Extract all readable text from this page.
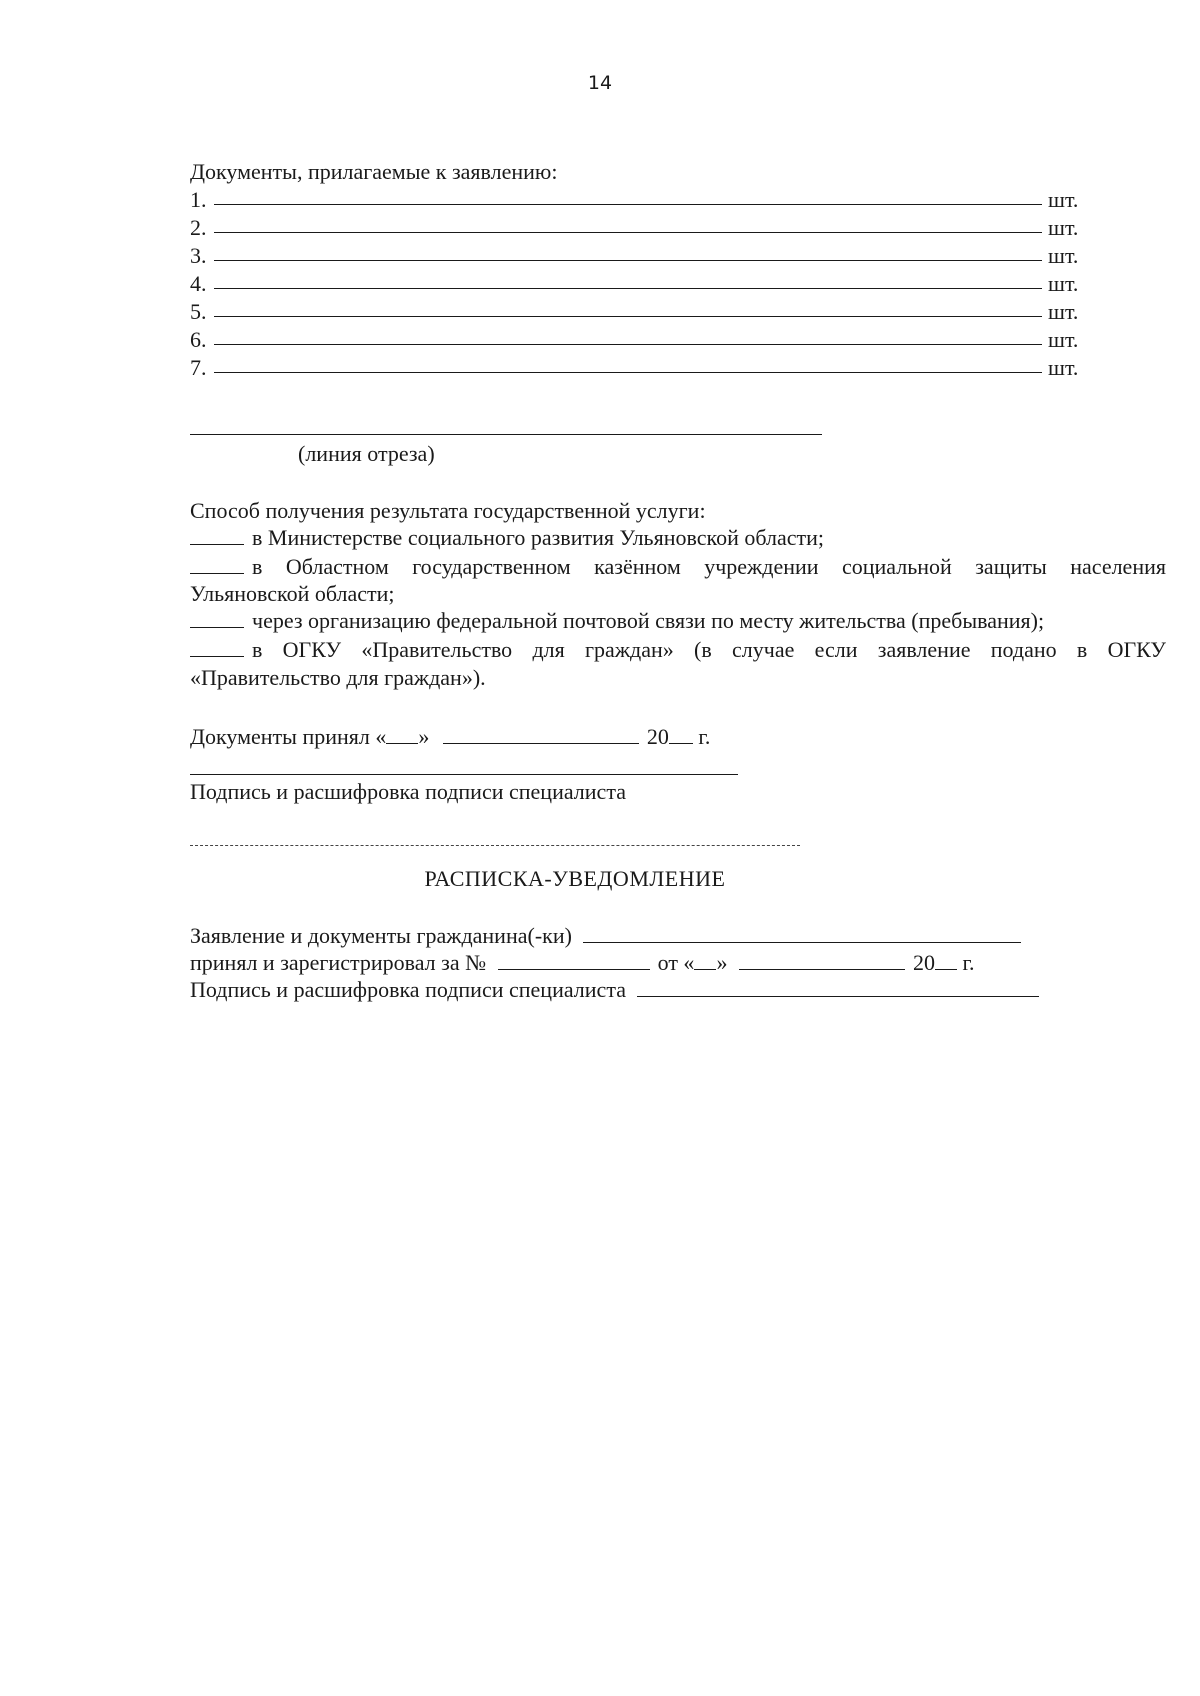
14
Документы, прилагаемые к заявлению:
1.	шт.
2.	шт.
3.	шт.
4.	шт.
5.	шт.
6.	шт.
7.	шт.
(линия отреза)
Способ получения результата государственной услуги:
в Министерстве социального развития Ульяновской области;
в Областном государственном казённом учреждении социальной защиты населения
Ульяновской области;
через организацию федеральной почтовой связи по месту жительства (пребывания);
в ОГКУ «Правительство для граждан» (в случае если заявление подано в ОГКУ
«Правительство для граждан»).
Документы принял « »	20 г.
Подпись и расшифровка подписи специалиста
РАСПИСКА-УВЕДОМЛЕНИЕ
Заявление и документы гражданина(-ки)
принял и зарегистрировал за №	от « »	20 г.
Подпись и расшифровка подписи специалиста
